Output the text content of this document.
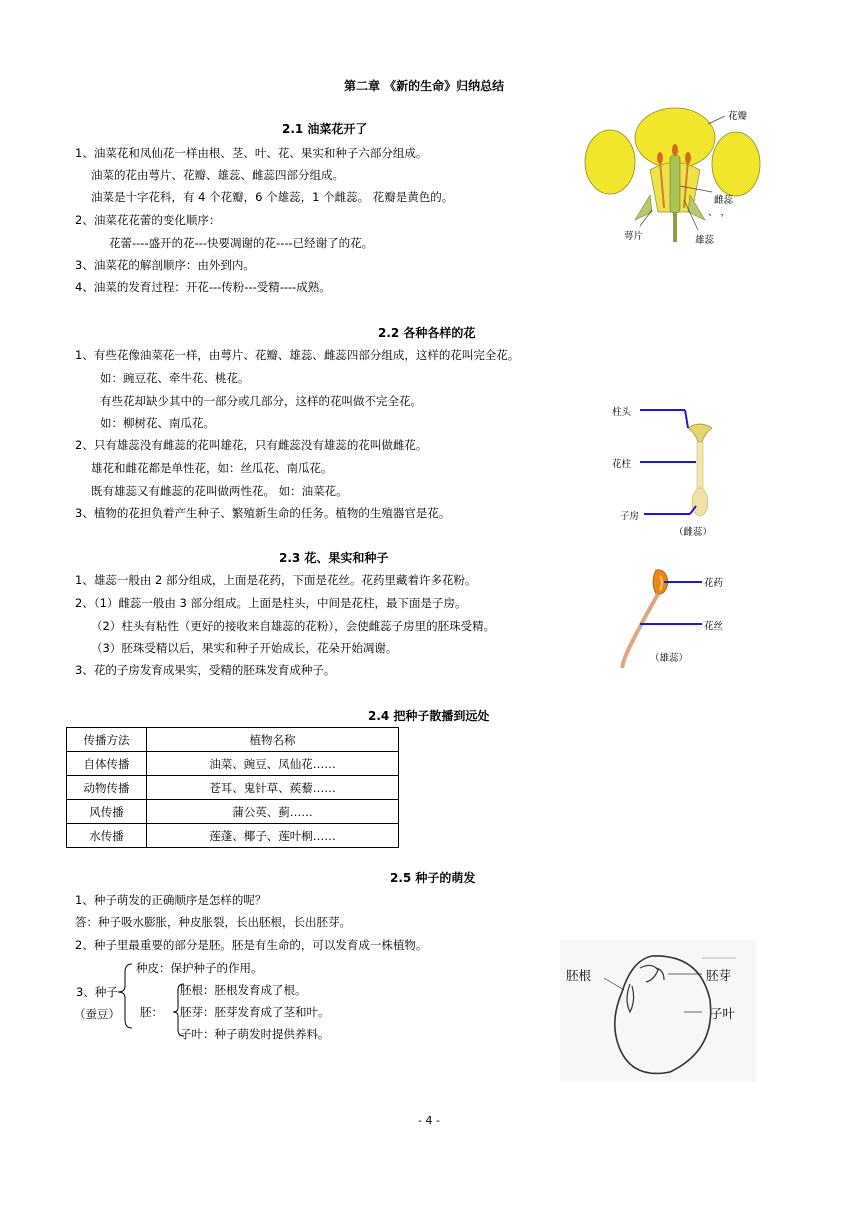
第二章 《新的生命》归纳总结
2.1 油菜花开了
1、油菜花和凤仙花一样由根、茎、叶、花、果实和种子六部分组成。
油菜的花由萼片、花瓣、雄蕊、雌蕊四部分组成。
油菜是十字花科，有 4 个花瓣，6 个雄蕊，1 个雌蕊。 花瓣是黄色的。
2、油菜花花蕾的变化顺序：
花蕾----盛开的花---快要凋谢的花----已经谢了的花。
3、油菜花的解剖顺序：由外到内。
4、油菜的发育过程：开花---传粉---受精----成熟。
花瓣
雌蕊
萼片	雄蕊
、 ，
2.2 各种各样的花
1、有些花像油菜花一样，由萼片、花瓣、雄蕊、雌蕊四部分组成，这样的花叫完全花。
如：豌豆花、牵牛花、桃花。
有些花却缺少其中的一部分或几部分，这样的花叫做不完全花。
如：柳树花、南瓜花。
2、只有雄蕊没有雌蕊的花叫雄花，只有雌蕊没有雄蕊的花叫做雌花。
雄花和雌花都是单性花，如：丝瓜花、南瓜花。
既有雄蕊又有雌蕊的花叫做两性花。 如：油菜花。
3、植物的花担负着产生种子、繁殖新生命的任务。植物的生殖器官是花。
柱头
花柱
子房
（雌蕊）
2.3 花、果实和种子
1、雄蕊一般由 2 部分组成，上面是花药，下面是花丝。花药里藏着许多花粉。
2、（1）雌蕊一般由 3 部分组成。上面是柱头，中间是花柱，最下面是子房。
（2）柱头有粘性（更好的接收来自雄蕊的花粉），会使雌蕊子房里的胚珠受精。
（3）胚珠受精以后，果实和种子开始成长，花朵开始凋谢。
3、花的子房发育成果实，受精的胚珠发育成种子。
花药
花丝
（雄蕊）
2.4 把种子散播到远处
传播方法	植物名称
自体传播	油菜、豌豆、凤仙花……
动物传播	苍耳、鬼针草、蒺藜……
风传播	蒲公英、蓟……
水传播	莲蓬、椰子、莲叶桐……
2.5 种子的萌发
1、种子萌发的正确顺序是怎样的呢？
答：种子吸水膨胀，种皮胀裂，长出胚根，长出胚芽。
2、种子里最重要的部分是胚。胚是有生命的，可以发育成一株植物。
3、种子
（蚕豆）
种皮：保护种子的作用。
胚：
胚根：胚根发育成了根。
胚芽：胚芽发育成了茎和叶。
子叶：种子萌发时提供养料。
胚根	胚芽
子叶
- 4 -
